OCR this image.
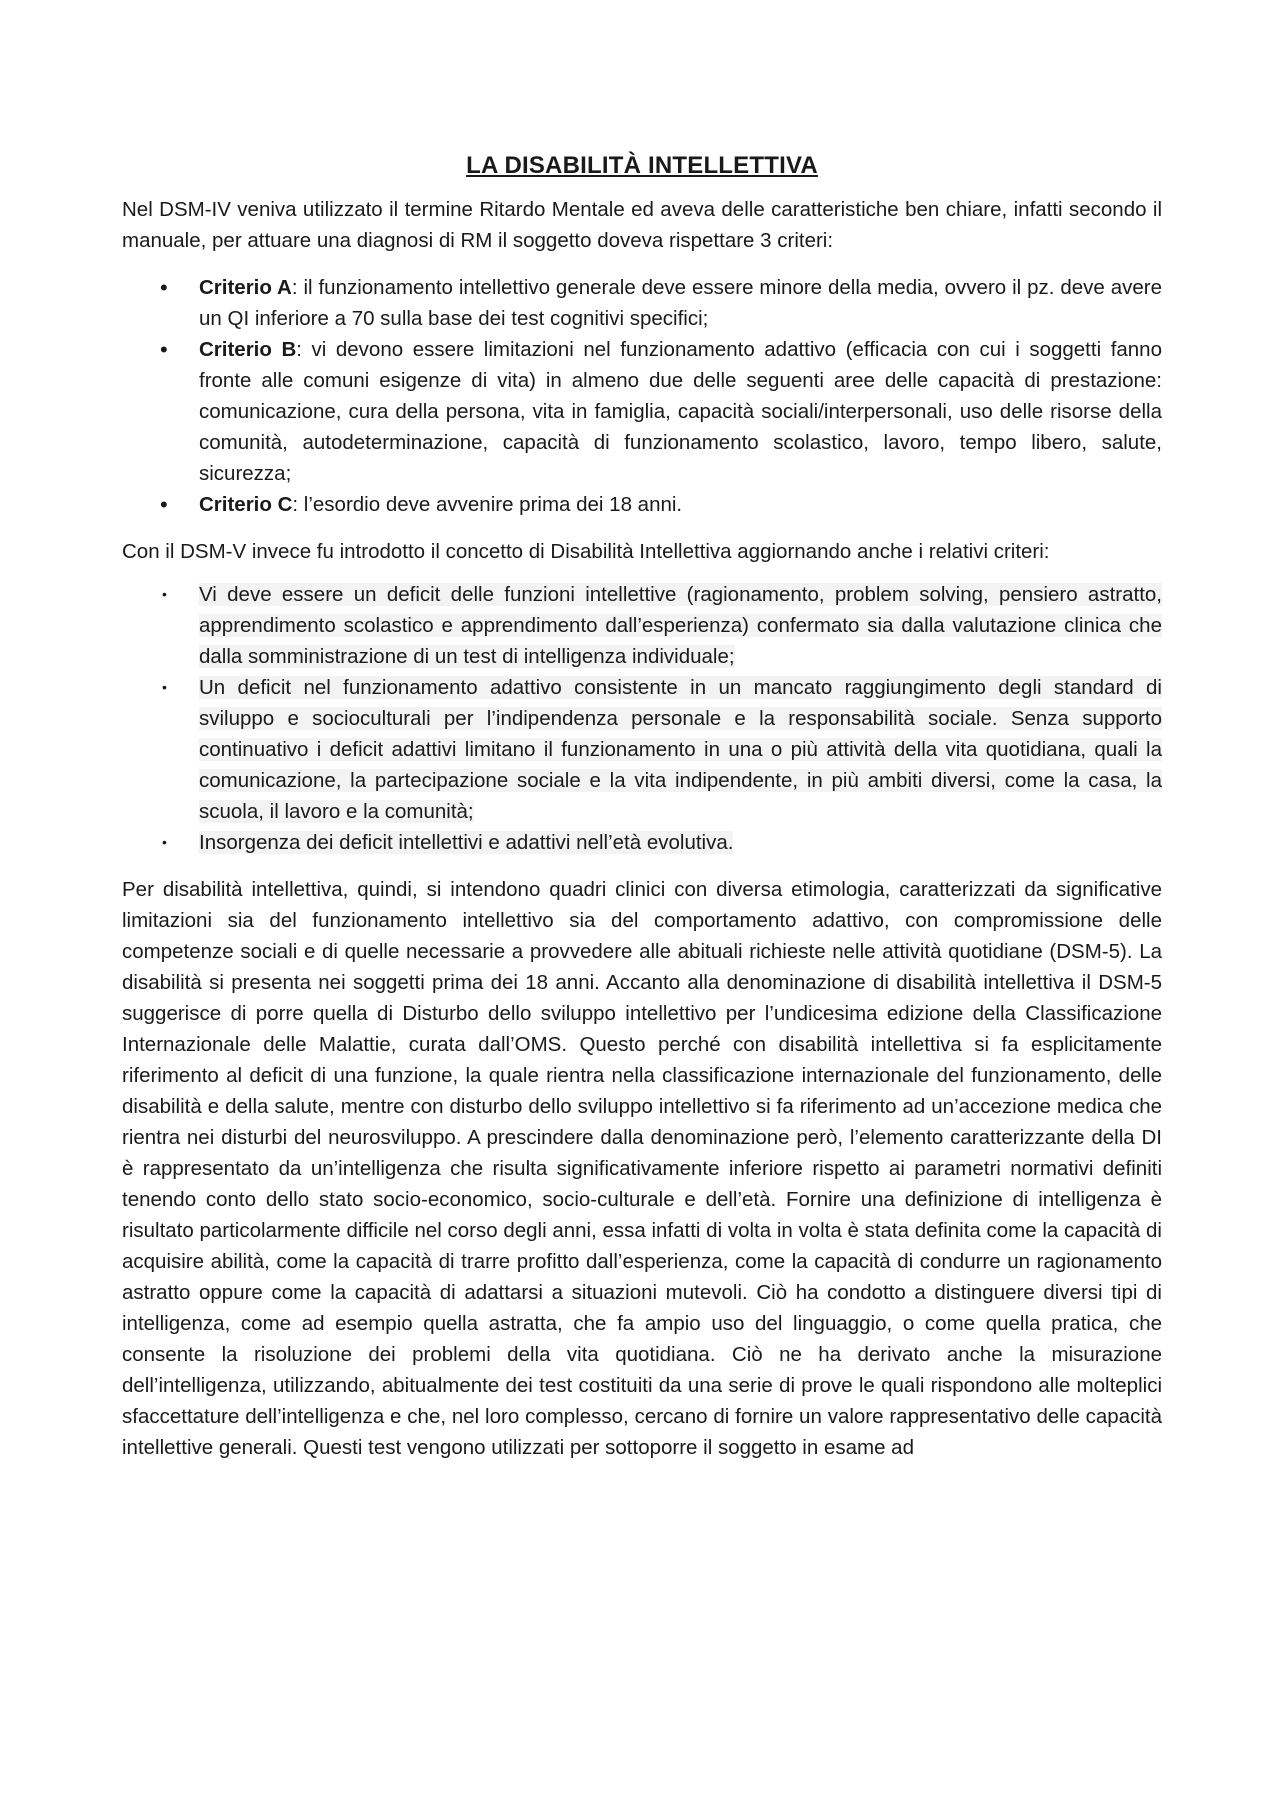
LA DISABILITÀ INTELLETTIVA

Nel DSM-IV veniva utilizzato il termine Ritardo Mentale ed aveva delle caratteristiche ben chiare, infatti secondo il manuale, per attuare una diagnosi di RM il soggetto doveva rispettare 3 criteri:

• Criterio A: il funzionamento intellettivo generale deve essere minore della media, ovvero il pz. deve avere un QI inferiore a 70 sulla base dei test cognitivi specifici;
• Criterio B: vi devono essere limitazioni nel funzionamento adattivo (efficacia con cui i soggetti fanno fronte alle comuni esigenze di vita) in almeno due delle seguenti aree delle capacità di prestazione: comunicazione, cura della persona, vita in famiglia, capacità sociali/interpersonali, uso delle risorse della comunità, autodeterminazione, capacità di funzionamento scolastico, lavoro, tempo libero, salute, sicurezza;
• Criterio C: l’esordio deve avvenire prima dei 18 anni.

Con il DSM-V invece fu introdotto il concetto di Disabilità Intellettiva aggiornando anche i relativi criteri:

• Vi deve essere un deficit delle funzioni intellettive (ragionamento, problem solving, pensiero astratto, apprendimento scolastico e apprendimento dall’esperienza) confermato sia dalla valutazione clinica che dalla somministrazione di un test di intelligenza individuale;
• Un deficit nel funzionamento adattivo consistente in un mancato raggiungimento degli standard di sviluppo e socioculturali per l’indipendenza personale e la responsabilità sociale. Senza supporto continuativo i deficit adattivi limitano il funzionamento in una o più attività della vita quotidiana, quali la comunicazione, la partecipazione sociale e la vita indipendente, in più ambiti diversi, come la casa, la scuola, il lavoro e la comunità;
• Insorgenza dei deficit intellettivi e adattivi nell’età evolutiva.

Per disabilità intellettiva, quindi, si intendono quadri clinici con diversa etimologia, caratterizzati da significative limitazioni sia del funzionamento intellettivo sia del comportamento adattivo, con compromissione delle competenze sociali e di quelle necessarie a provvedere alle abituali richieste nelle attività quotidiane (DSM-5). La disabilità si presenta nei soggetti prima dei 18 anni. Accanto alla denominazione di disabilità intellettiva il DSM-5 suggerisce di porre quella di Disturbo dello sviluppo intellettivo per l’undicesima edizione della Classificazione Internazionale delle Malattie, curata dall’OMS. Questo perché con disabilità intellettiva si fa esplicitamente riferimento al deficit di una funzione, la quale rientra nella classificazione internazionale del funzionamento, delle disabilità e della salute, mentre con disturbo dello sviluppo intellettivo si fa riferimento ad un’accezione medica che rientra nei disturbi del neurosviluppo. A prescindere dalla denominazione però, l’elemento caratterizzante della DI è rappresentato da un’intelligenza che risulta significativamente inferiore rispetto ai parametri normativi definiti tenendo conto dello stato socio-economico, socio-culturale e dell’età. Fornire una definizione di intelligenza è risultato particolarmente difficile nel corso degli anni, essa infatti di volta in volta è stata definita come la capacità di acquisire abilità, come la capacità di trarre profitto dall’esperienza, come la capacità di condurre un ragionamento astratto oppure come la capacità di adattarsi a situazioni mutevoli. Ciò ha condotto a distinguere diversi tipi di intelligenza, come ad esempio quella astratta, che fa ampio uso del linguaggio, o come quella pratica, che consente la risoluzione dei problemi della vita quotidiana. Ciò ne ha derivato anche la misurazione dell’intelligenza, utilizzando, abitualmente dei test costituiti da una serie di prove le quali rispondono alle molteplici sfaccettature dell’intelligenza e che, nel loro complesso, cercano di fornire un valore rappresentativo delle capacità intellettive generali. Questi test vengono utilizzati per sottoporre il soggetto in esame ad
